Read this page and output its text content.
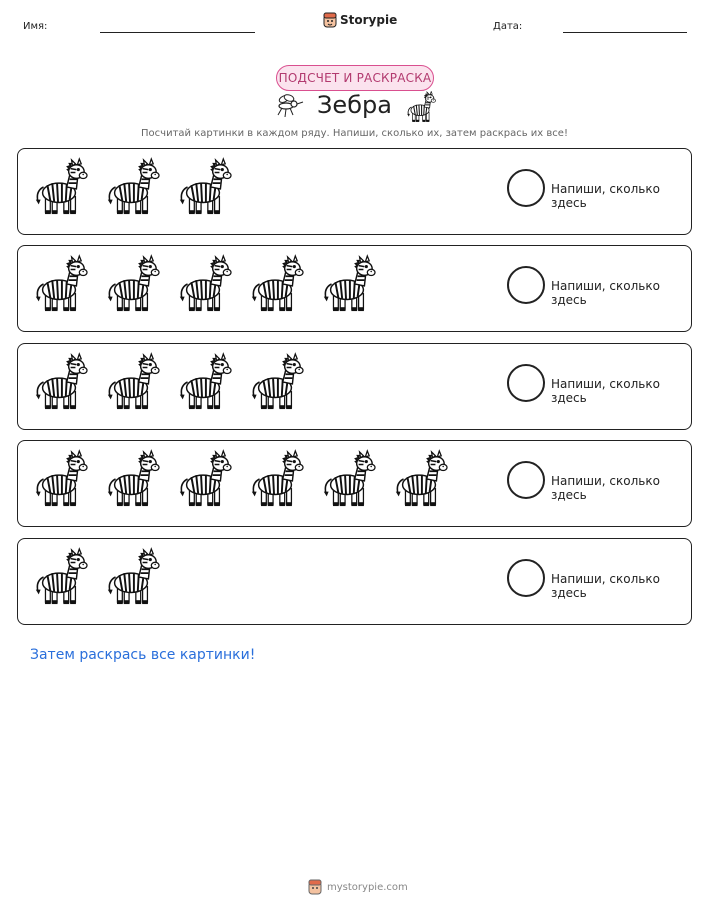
Имя:	Storypie	Дата:
ПОДСЧЕТ И РАСКРАСКА
Зебра
Посчитай картинки в каждом ряду. Напиши, сколько их, затем раскрась их все!
Напиши, сколько здесь
Напиши, сколько здесь
Напиши, сколько здесь
Напиши, сколько здесь
Напиши, сколько здесь
Затем раскрась все картинки!
mystorypie.com
